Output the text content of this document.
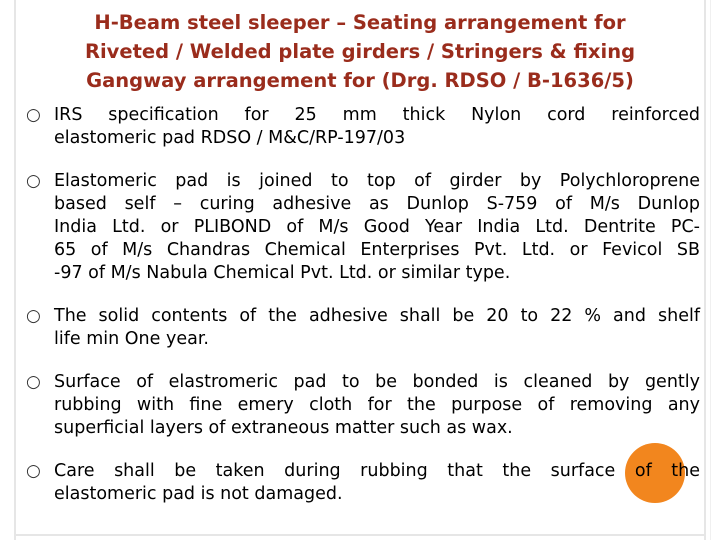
H-Beam steel sleeper – Seating arrangement for
Riveted / Welded plate girders / Stringers & fixing
Gangway arrangement for (Drg. RDSO / B-1636/5)
○ IRS specification for 25 mm thick Nylon cord reinforced
elastomeric pad RDSO / M&C/RP-197/03
○ Elastomeric pad is joined to top of girder by Polychloroprene
based self – curing adhesive as Dunlop S-759 of M/s Dunlop
India Ltd. or PLIBOND of M/s Good Year India Ltd. Dentrite PC-
65 of M/s Chandras Chemical Enterprises Pvt. Ltd. or Fevicol SB
-97 of M/s Nabula Chemical Pvt. Ltd. or similar type.
○ The solid contents of the adhesive shall be 20 to 22 % and shelf
life min One year.
○ Surface of elastromeric pad to be bonded is cleaned by gently
rubbing with fine emery cloth for the purpose of removing any
superficial layers of extraneous matter such as wax.
○ Care shall be taken during rubbing that the surface of the
elastomeric pad is not damaged.
